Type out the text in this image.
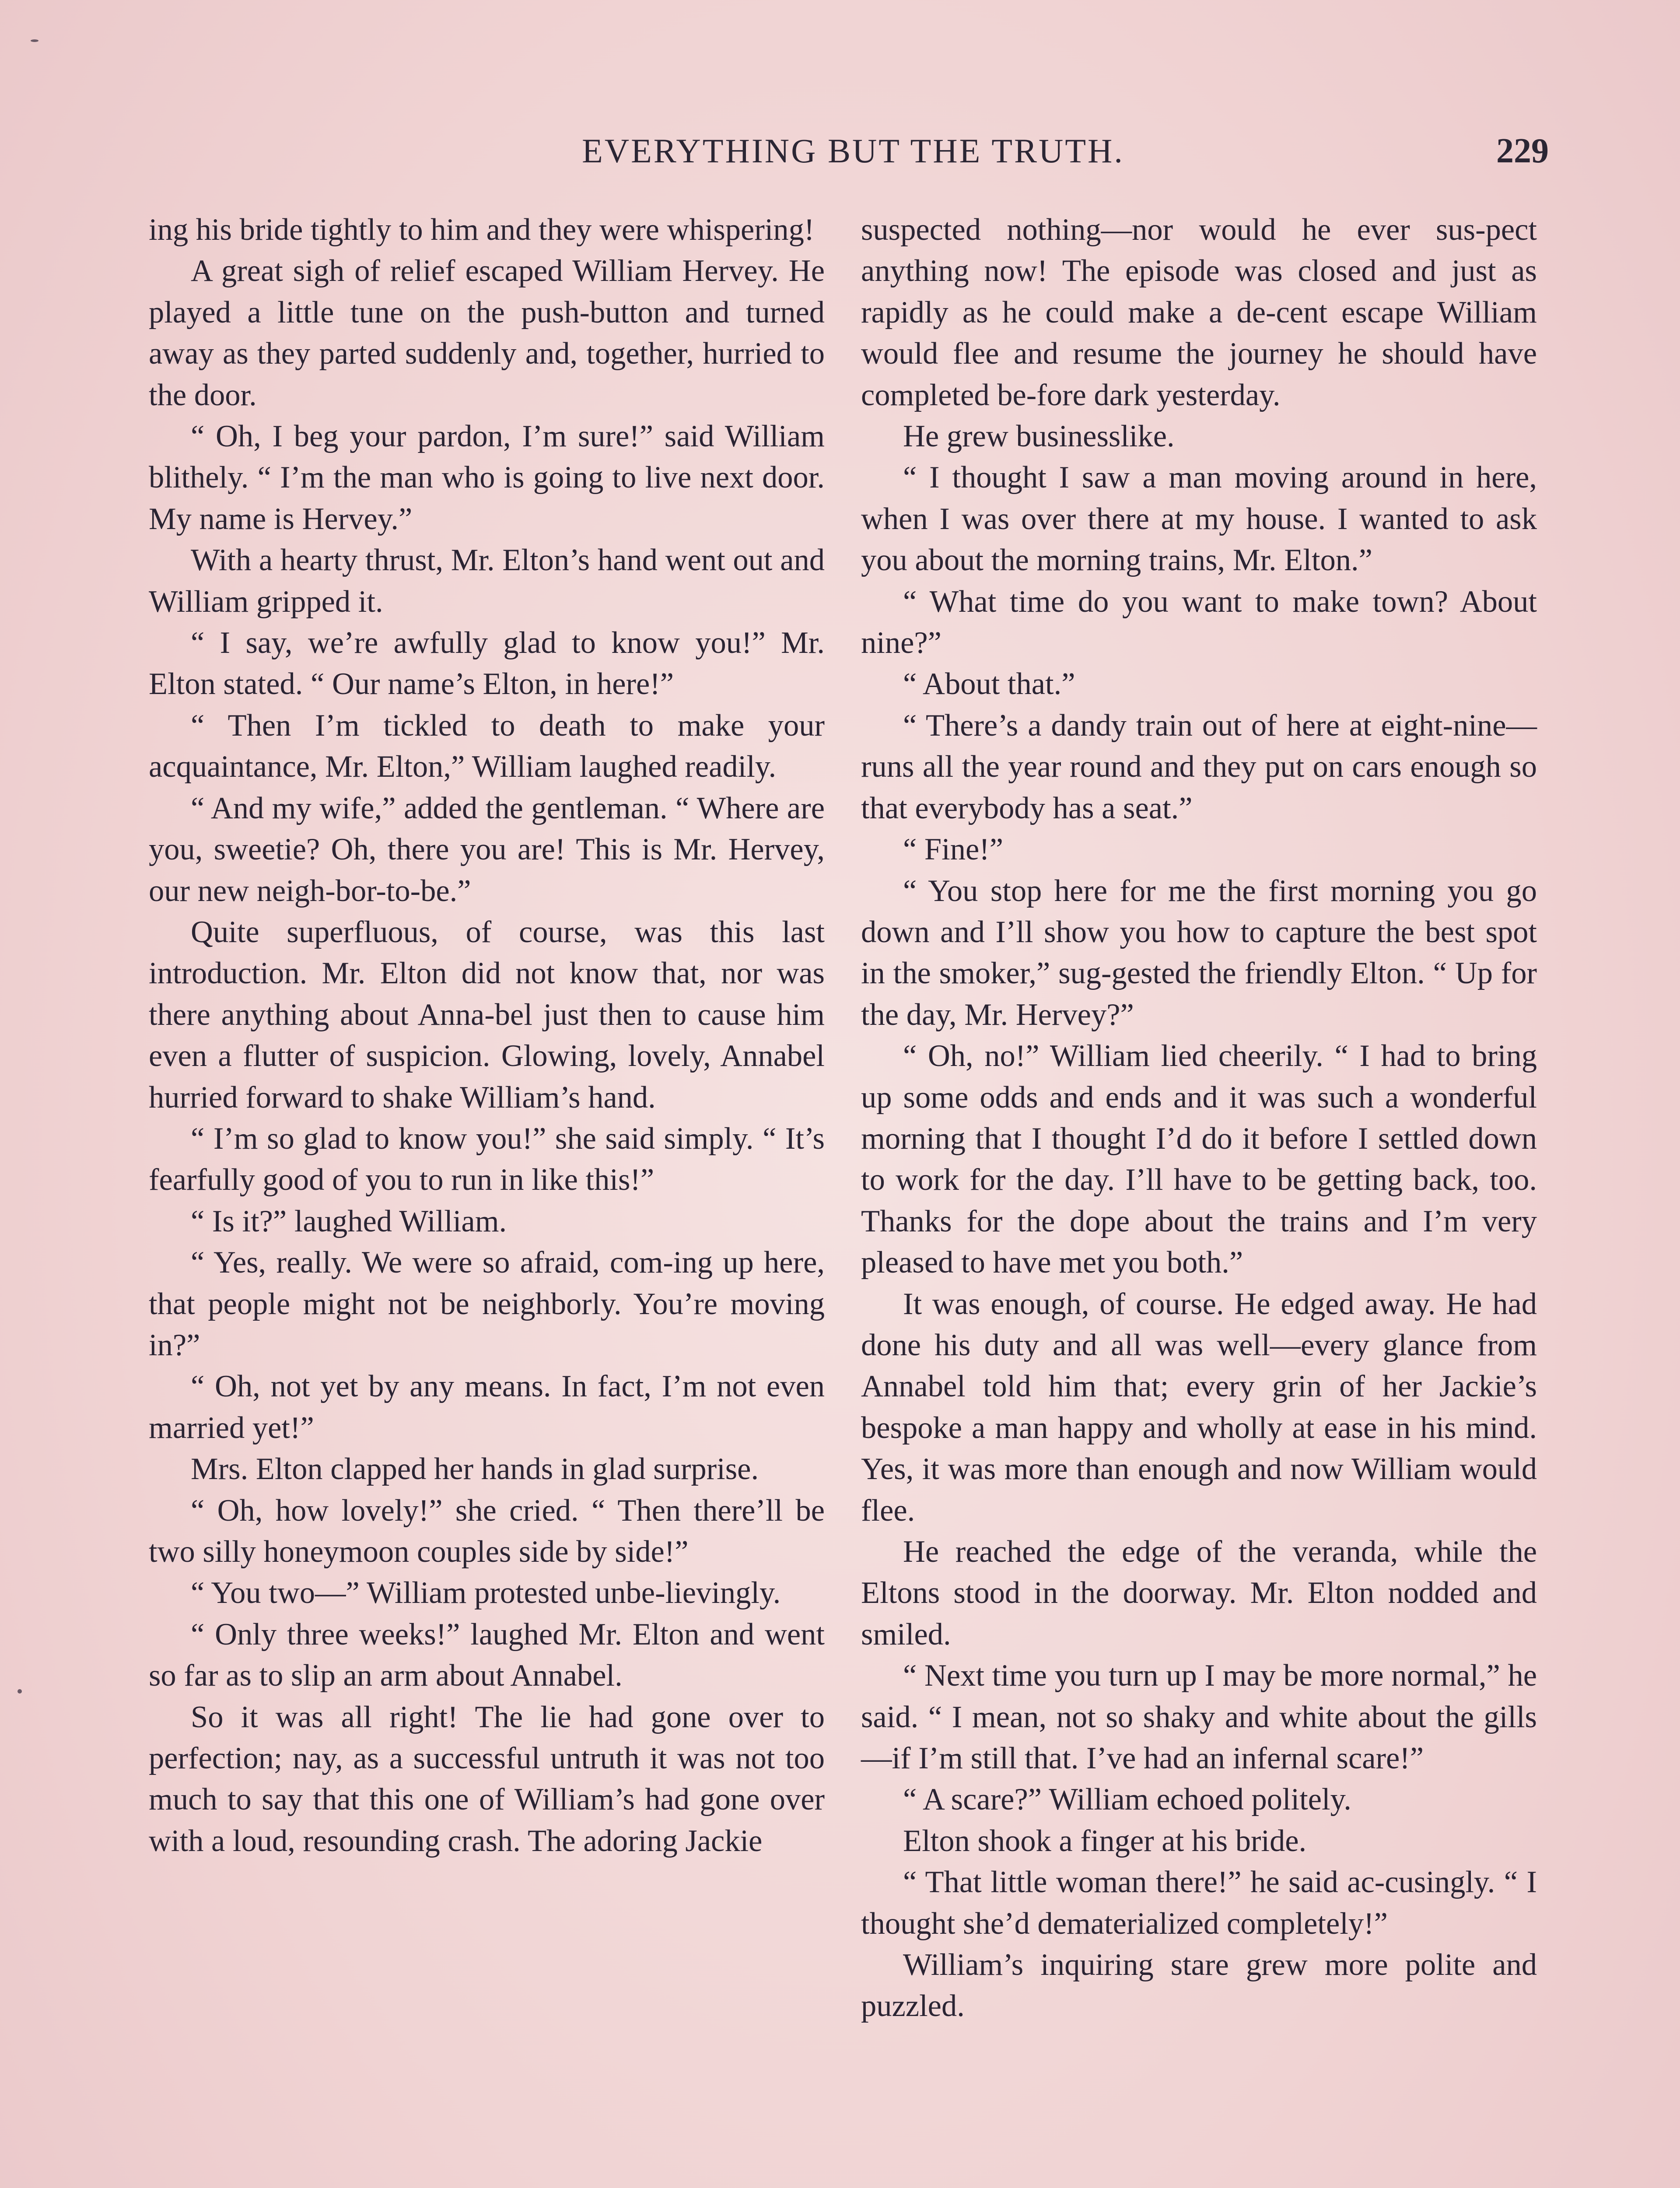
EVERYTHING BUT THE TRUTH.	229

ing his bride tightly to him and they were whispering!

A great sigh of relief escaped William Hervey. He played a little tune on the push-button and turned away as they parted suddenly and, together, hurried to the door.

“ Oh, I beg your pardon, I’m sure!” said William blithely. “ I’m the man who is going to live next door. My name is Hervey.”

With a hearty thrust, Mr. Elton’s hand went out and William gripped it.

“ I say, we’re awfully glad to know you!” Mr. Elton stated. “ Our name’s Elton, in here!”

“ Then I’m tickled to death to make your acquaintance, Mr. Elton,” William laughed readily.

“ And my wife,” added the gentleman. “ Where are you, sweetie? Oh, there you are! This is Mr. Hervey, our new neigh-bor-to-be.”

Quite superfluous, of course, was this last introduction. Mr. Elton did not know that, nor was there anything about Anna-bel just then to cause him even a flutter of suspicion. Glowing, lovely, Annabel hurried forward to shake William’s hand.

“ I’m so glad to know you!” she said simply. “ It’s fearfully good of you to run in like this!”

“ Is it?” laughed William.

“ Yes, really. We were so afraid, com-ing up here, that people might not be neighborly. You’re moving in?”

“ Oh, not yet by any means. In fact, I’m not even married yet!”

Mrs. Elton clapped her hands in glad surprise.

“ Oh, how lovely!” she cried. “ Then there’ll be two silly honeymoon couples side by side!”

“ You two—” William protested unbe-lievingly.

“ Only three weeks!” laughed Mr. Elton and went so far as to slip an arm about Annabel.

So it was all right! The lie had gone over to perfection; nay, as a successful untruth it was not too much to say that this one of William’s had gone over with a loud, resounding crash. The adoring Jackie

suspected nothing—nor would he ever sus-pect anything now! The episode was closed and just as rapidly as he could make a de-cent escape William would flee and resume the journey he should have completed be-fore dark yesterday.

He grew businesslike.

“ I thought I saw a man moving around in here, when I was over there at my house. I wanted to ask you about the morning trains, Mr. Elton.”

“ What time do you want to make town? About nine?”

“ About that.”

“ There’s a dandy train out of here at eight-nine—runs all the year round and they put on cars enough so that everybody has a seat.”

“ Fine!”

“ You stop here for me the first morning you go down and I’ll show you how to capture the best spot in the smoker,” sug-gested the friendly Elton. “ Up for the day, Mr. Hervey?”

“ Oh, no!” William lied cheerily. “ I had to bring up some odds and ends and it was such a wonderful morning that I thought I’d do it before I settled down to work for the day. I’ll have to be getting back, too. Thanks for the dope about the trains and I’m very pleased to have met you both.”

It was enough, of course. He edged away. He had done his duty and all was well—every glance from Annabel told him that; every grin of her Jackie’s bespoke a man happy and wholly at ease in his mind. Yes, it was more than enough and now William would flee.

He reached the edge of the veranda, while the Eltons stood in the doorway. Mr. Elton nodded and smiled.

“ Next time you turn up I may be more normal,” he said. “ I mean, not so shaky and white about the gills—if I’m still that. I’ve had an infernal scare!”

“ A scare?” William echoed politely.

Elton shook a finger at his bride.

“ That little woman there!” he said ac-cusingly. “ I thought she’d dematerialized completely!”

William’s inquiring stare grew more polite and puzzled.
